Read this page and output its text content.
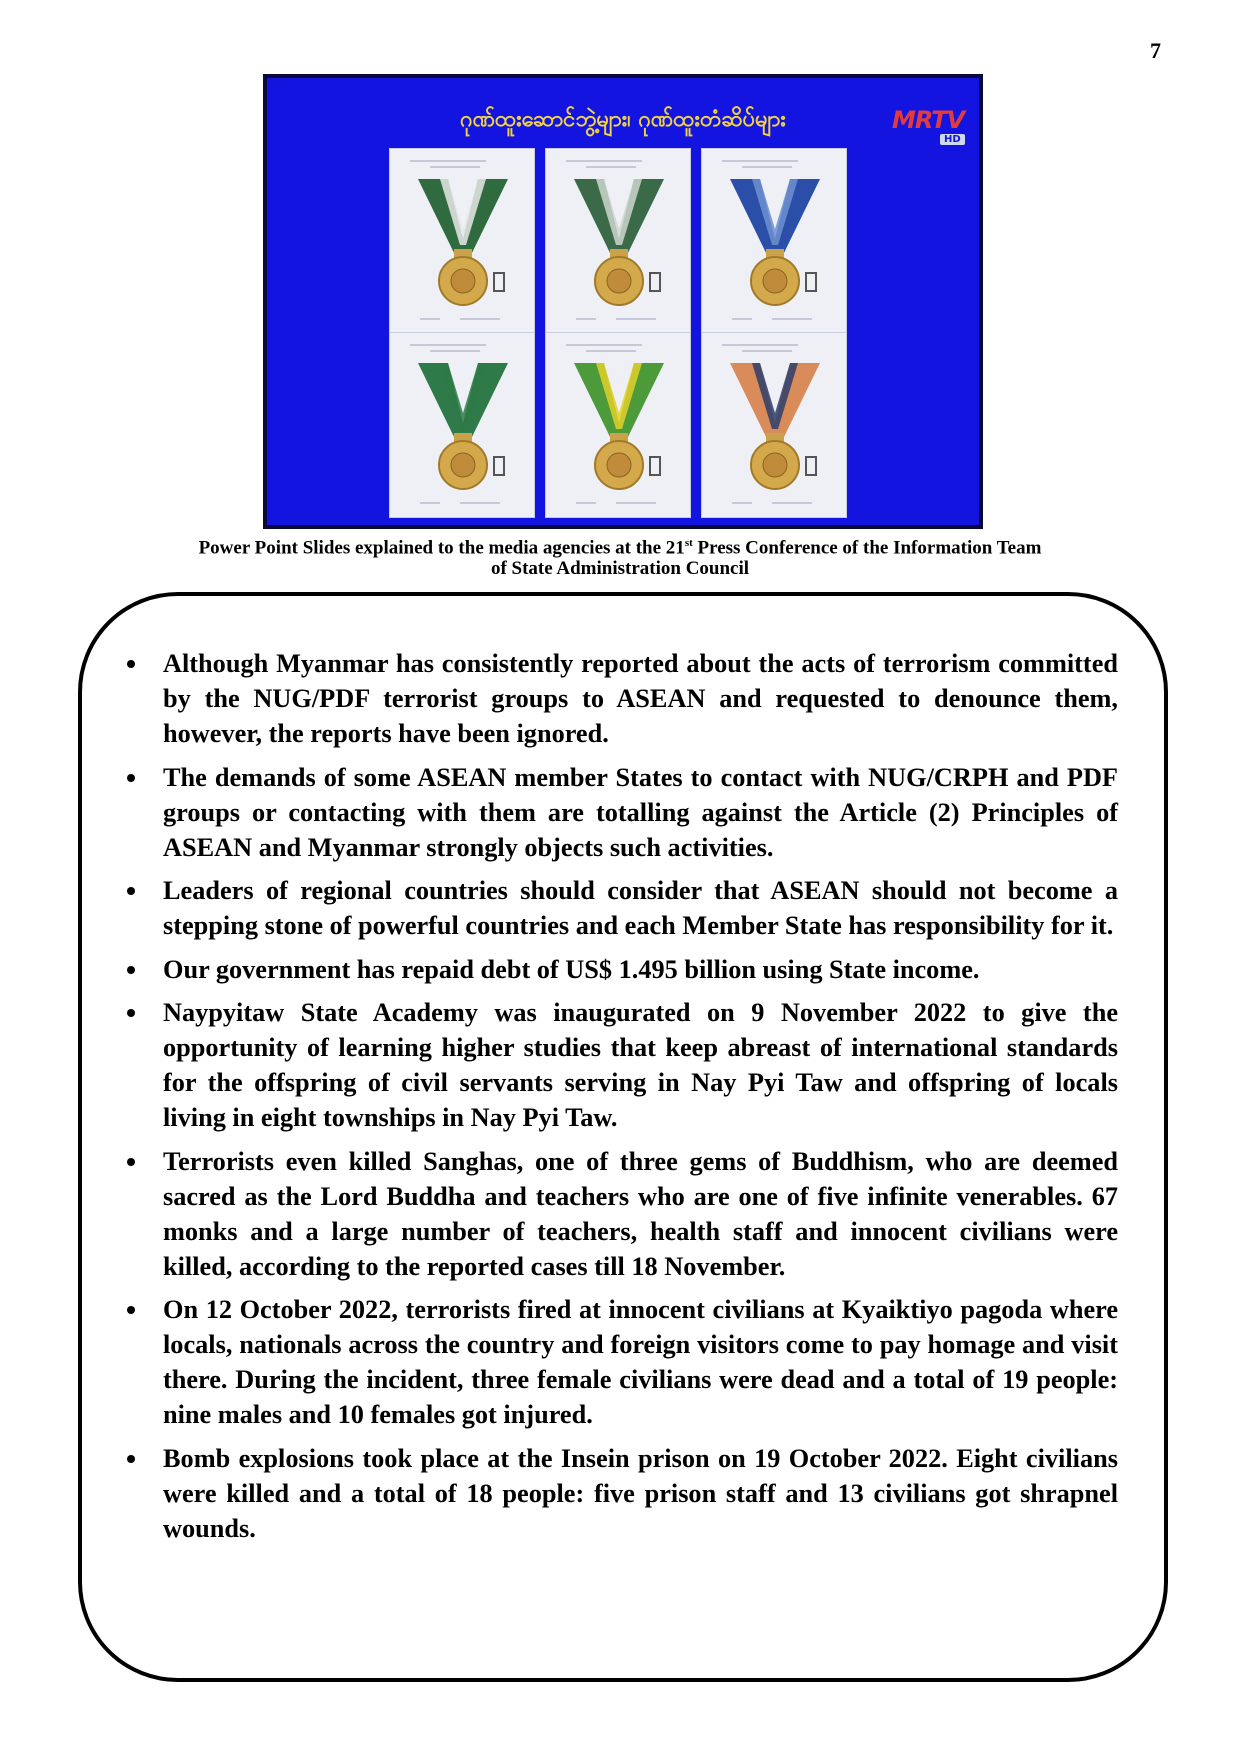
7
ဂုဏ်ထူးဆောင်ဘွဲ့များ၊ ဂုဏ်ထူးတံဆိပ်များ	MRTV
HD
Power Point Slides explained to the media agencies at the 21st Press Conference of the Information Team
of State Administration Council
Although Myanmar has consistently reported about the acts of terrorism committed by the NUG/PDF terrorist groups to ASEAN and requested to denounce them, however, the reports have been ignored.
The demands of some ASEAN member States to contact with NUG/CRPH and PDF groups or contacting with them are totalling against the Article (2) Principles of ASEAN and Myanmar strongly objects such activities.
Leaders of regional countries should consider that ASEAN should not become a stepping stone of powerful countries and each Member State has responsibility for it.
Our government has repaid debt of US$ 1.495 billion using State income.
Naypyitaw State Academy was inaugurated on 9 November 2022 to give the opportunity of learning higher studies that keep abreast of international standards for the offspring of civil servants serving in Nay Pyi Taw and offspring of locals living in eight townships in Nay Pyi Taw.
Terrorists even killed Sanghas, one of three gems of Buddhism, who are deemed sacred as the Lord Buddha and teachers who are one of five infinite venerables. 67 monks and a large number of teachers, health staff and innocent civilians were killed, according to the reported cases till 18 November.
On 12 October 2022, terrorists fired at innocent civilians at Kyaiktiyo pagoda where locals, nationals across the country and foreign visitors come to pay homage and visit there. During the incident, three female civilians were dead and a total of 19 people: nine males and 10 females got injured.
Bomb explosions took place at the Insein prison on 19 October 2022. Eight civilians were killed and a total of 18 people: five prison staff and 13 civilians got shrapnel wounds.
